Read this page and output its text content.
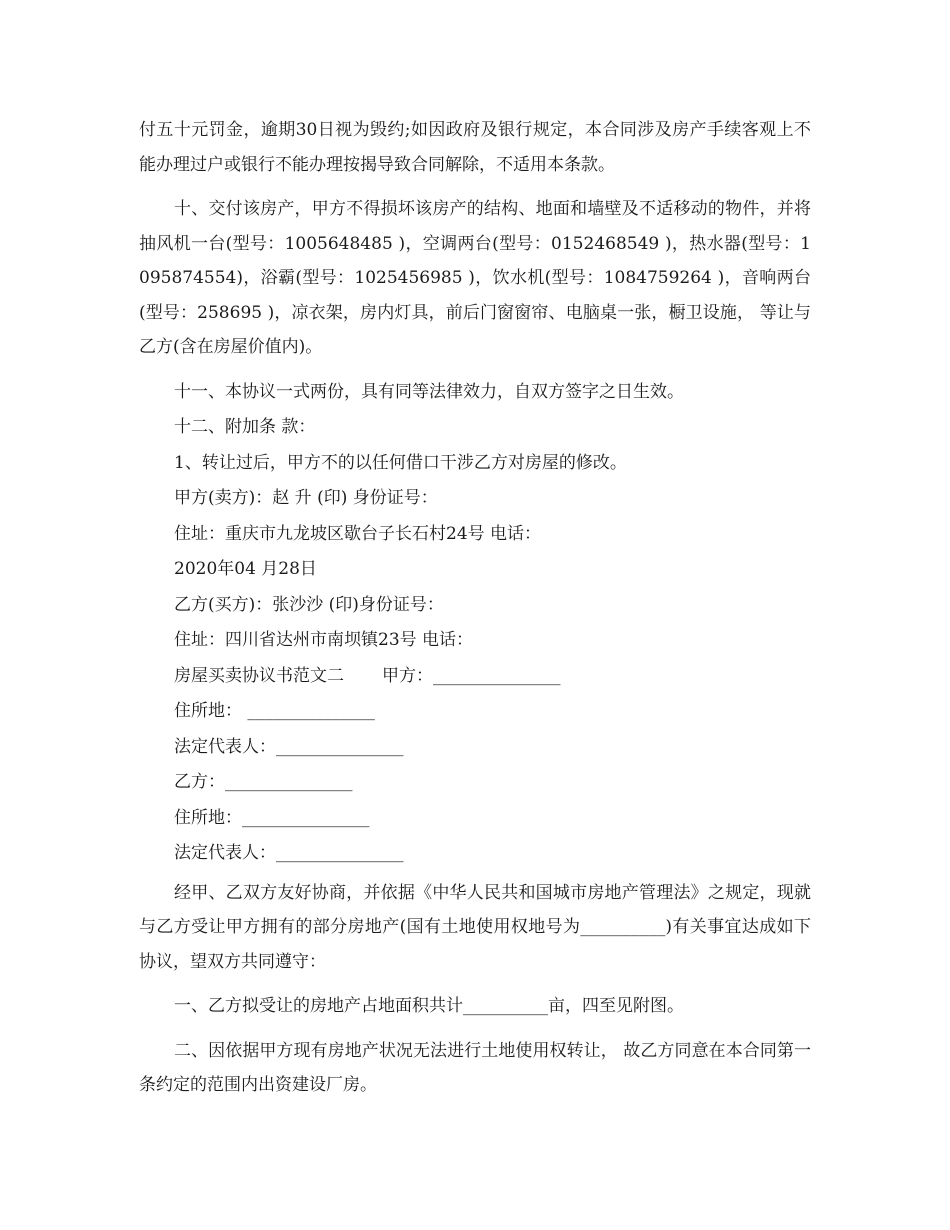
付五十元罚金，逾期30日视为毁约;如因政府及银行规定，本合同涉及房产手续客观上不能办理过户或银行不能办理按揭导致合同解除，不适用本条款。

十、交付该房产，甲方不得损坏该房产的结构、地面和墙壁及不适移动的物件，并将抽风机一台(型号：1005648485 )，空调两台(型号：0152468549 )，热水器(型号：1095874554)，浴霸(型号：1025456985 )，饮水机(型号：1084759264 )，音响两台(型号：258695 )，凉衣架，房内灯具，前后门窗窗帘、电脑桌一张，橱卫设施， 等让与乙方(含在房屋价值内)。

十一、本协议一式两份，具有同等法律效力，自双方签字之日生效。

十二、附加条 款：

1、转让过后，甲方不的以任何借口干涉乙方对房屋的修改。

甲方(卖方)：赵 升 (印) 身份证号：

住址：重庆市九龙坡区歇台子长石村24号 电话：

2020年04 月28日

乙方(买方)：张沙沙 (印)身份证号：

住址：四川省达州市南坝镇23号 电话：

房屋买卖协议书范文二 甲方：_______________

住所地： _______________

法定代表人：_______________

乙方：_______________

住所地：_______________

法定代表人：_______________

经甲、乙双方友好协商，并依据《中华人民共和国城市房地产管理法》之规定，现就与乙方受让甲方拥有的部分房地产(国有土地使用权地号为__________)有关事宜达成如下协议，望双方共同遵守：

一、乙方拟受让的房地产占地面积共计__________亩，四至见附图。

二、因依据甲方现有房地产状况无法进行土地使用权转让， 故乙方同意在本合同第一条约定的范围内出资建设厂房。
